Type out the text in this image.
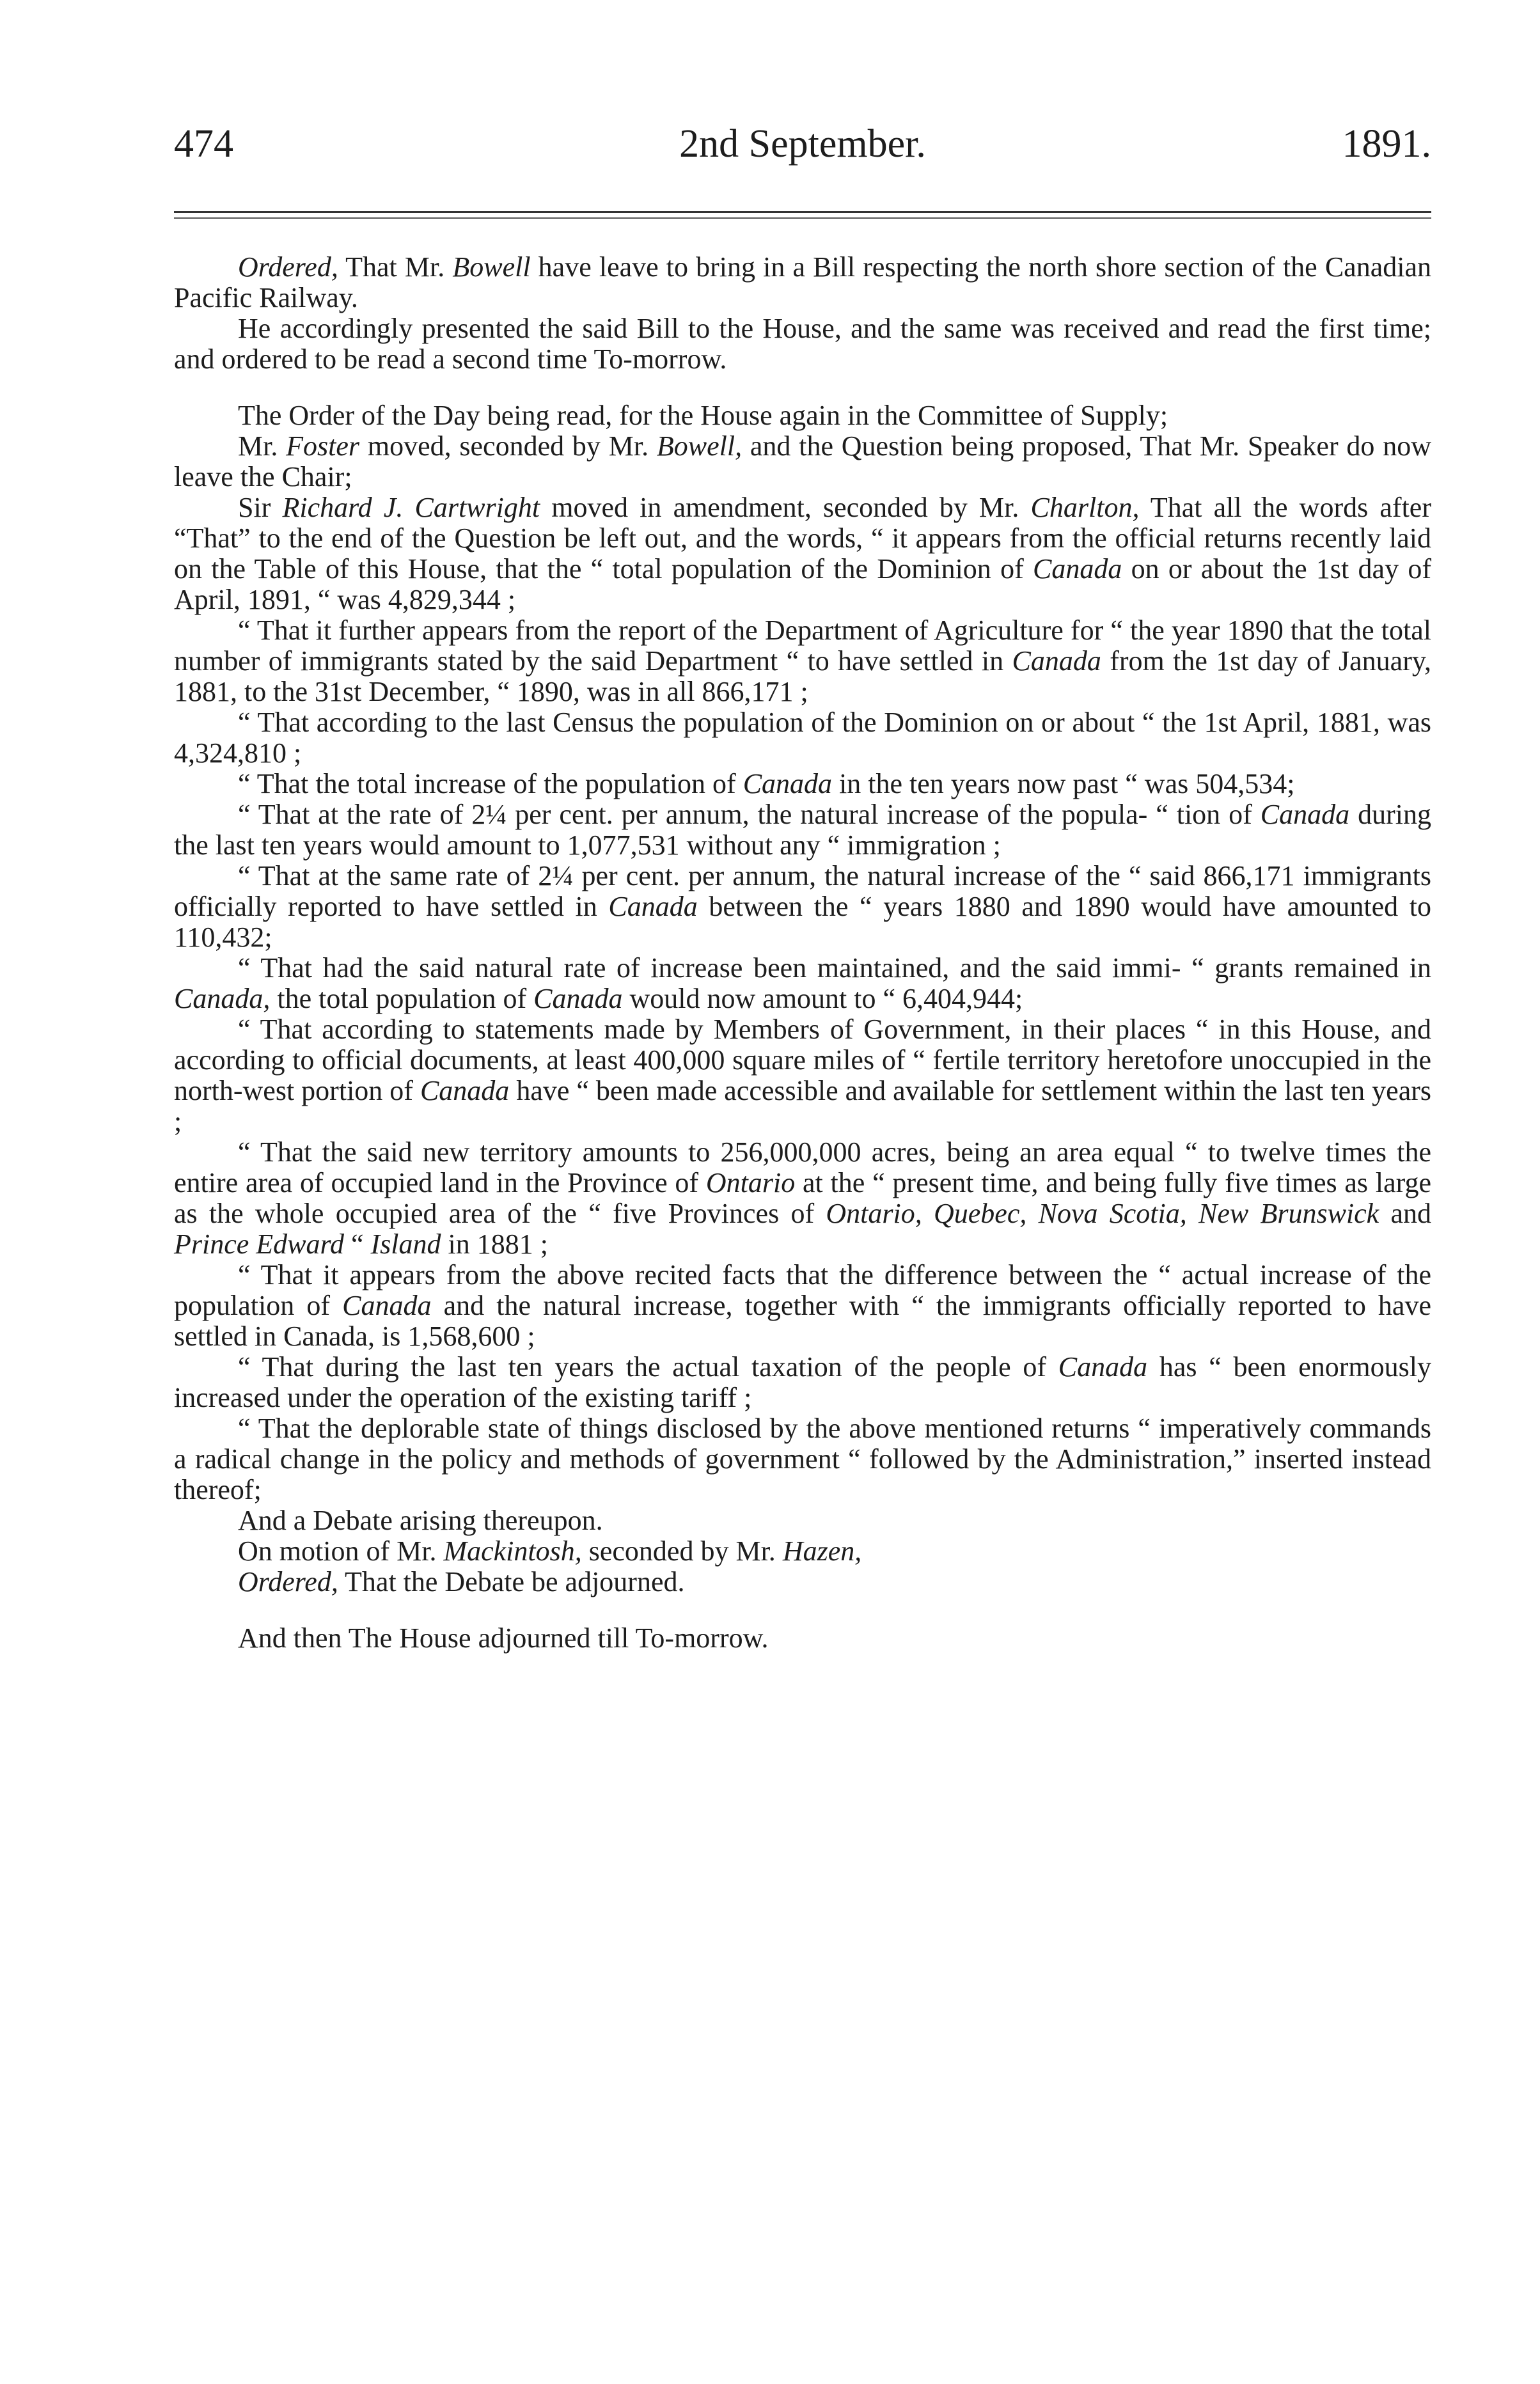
474	2nd September.	1891.

Ordered, That Mr. Bowell have leave to bring in a Bill respecting the north shore section of the Canadian Pacific Railway.

He accordingly presented the said Bill to the House, and the same was received and read the first time; and ordered to be read a second time To-morrow.

The Order of the Day being read, for the House again in the Committee of Supply;

Mr. Foster moved, seconded by Mr. Bowell, and the Question being proposed, That Mr. Speaker do now leave the Chair;

Sir Richard J. Cartwright moved in amendment, seconded by Mr. Charlton, That all the words after “That” to the end of the Question be left out, and the words, “ it appears from the official returns recently laid on the Table of this House, that the “ total population of the Dominion of Canada on or about the 1st day of April, 1891, “ was 4,829,344 ;

“ That it further appears from the report of the Department of Agriculture for “ the year 1890 that the total number of immigrants stated by the said Department “ to have settled in Canada from the 1st day of January, 1881, to the 31st December, “ 1890, was in all 866,171 ;

“ That according to the last Census the population of the Dominion on or about “ the 1st April, 1881, was 4,324,810 ;

“ That the total increase of the population of Canada in the ten years now past “ was 504,534;

“ That at the rate of 2¼ per cent. per annum, the natural increase of the popula- “ tion of Canada during the last ten years would amount to 1,077,531 without any “ immigration ;

“ That at the same rate of 2¼ per cent. per annum, the natural increase of the “ said 866,171 immigrants officially reported to have settled in Canada between the “ years 1880 and 1890 would have amounted to 110,432;

“ That had the said natural rate of increase been maintained, and the said immi- “ grants remained in Canada, the total population of Canada would now amount to “ 6,404,944;

“ That according to statements made by Members of Government, in their places “ in this House, and according to official documents, at least 400,000 square miles of “ fertile territory heretofore unoccupied in the north-west portion of Canada have “ been made accessible and available for settlement within the last ten years ;

“ That the said new territory amounts to 256,000,000 acres, being an area equal “ to twelve times the entire area of occupied land in the Province of Ontario at the “ present time, and being fully five times as large as the whole occupied area of the “ five Provinces of Ontario, Quebec, Nova Scotia, New Brunswick and Prince Edward “ Island in 1881 ;

“ That it appears from the above recited facts that the difference between the “ actual increase of the population of Canada and the natural increase, together with “ the immigrants officially reported to have settled in Canada, is 1,568,600 ;

“ That during the last ten years the actual taxation of the people of Canada has “ been enormously increased under the operation of the existing tariff ;

“ That the deplorable state of things disclosed by the above mentioned returns “ imperatively commands a radical change in the policy and methods of government “ followed by the Administration,” inserted instead thereof;

And a Debate arising thereupon.

On motion of Mr. Mackintosh, seconded by Mr. Hazen,

Ordered, That the Debate be adjourned.

And then The House adjourned till To-morrow.
